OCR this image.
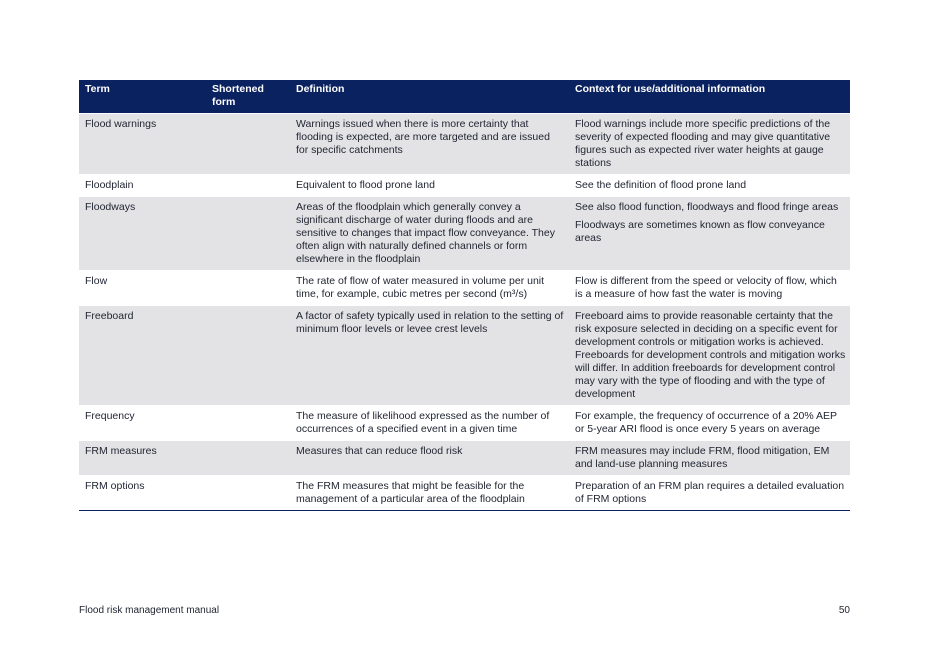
Term	Shortened form	Definition	Context for use/additional information
Flood warnings		Warnings issued when there is more certainty that flooding is expected, are more targeted and are issued for specific catchments	Flood warnings include more specific predictions of the severity of expected flooding and may give quantitative figures such as expected river water heights at gauge stations

Floodplain		Equivalent to flood prone land	See the definition of flood prone land

Floodways		Areas of the floodplain which generally convey a significant discharge of water during floods and are sensitive to changes that impact flow conveyance. They often align with naturally defined channels or form elsewhere in the floodplain	See also flood function, floodways and flood fringe areas
Floodways are sometimes known as flow conveyance areas

Flow		The rate of flow of water measured in volume per unit time, for example, cubic metres per second (m³/s)	Flow is different from the speed or velocity of flow, which is a measure of how fast the water is moving

Freeboard		A factor of safety typically used in relation to the setting of minimum floor levels or levee crest levels	Freeboard aims to provide reasonable certainty that the risk exposure selected in deciding on a specific event for development controls or mitigation works is achieved. Freeboards for development controls and mitigation works will differ. In addition freeboards for development control may vary with the type of flooding and with the type of development

Frequency		The measure of likelihood expressed as the number of occurrences of a specified event in a given time	For example, the frequency of occurrence of a 20% AEP or 5-year ARI flood is once every 5 years on average

FRM measures		Measures that can reduce flood risk	FRM measures may include FRM, flood mitigation, EM and land-use planning measures

FRM options		The FRM measures that might be feasible for the management of a particular area of the floodplain	Preparation of an FRM plan requires a detailed evaluation of FRM options
Flood risk management manual	50
